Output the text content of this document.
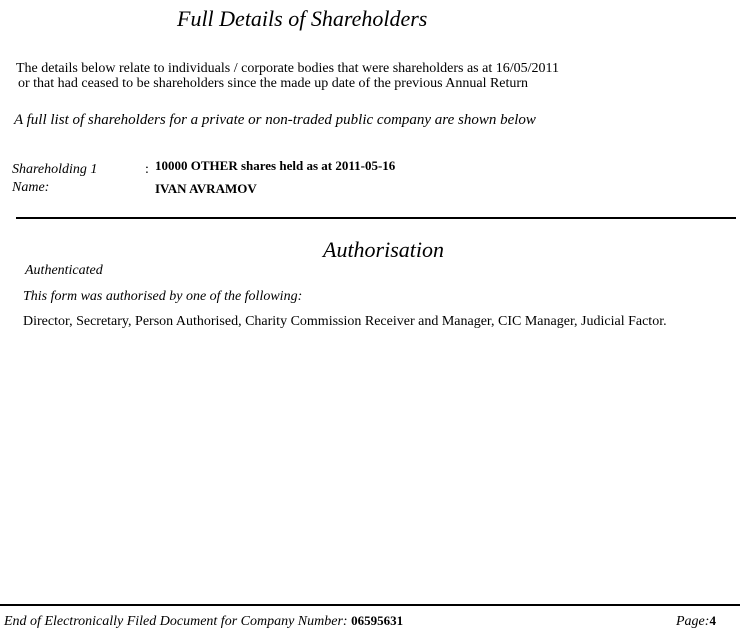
Full Details of Shareholders
The details below relate to individuals / corporate bodies that were shareholders as at 16/05/2011
or that had ceased to be shareholders since the made up date of the previous Annual Return
A full list of shareholders for a private or non-traded public company are shown below
Shareholding 1	: 10000 OTHER shares held as at 2011-05-16
Name:	IVAN AVRAMOV
Authorisation
Authenticated
This form was authorised by one of the following:
Director, Secretary, Person Authorised, Charity Commission Receiver and Manager, CIC Manager, Judicial Factor.
End of Electronically Filed Document for Company Number: 06595631	Page:4
